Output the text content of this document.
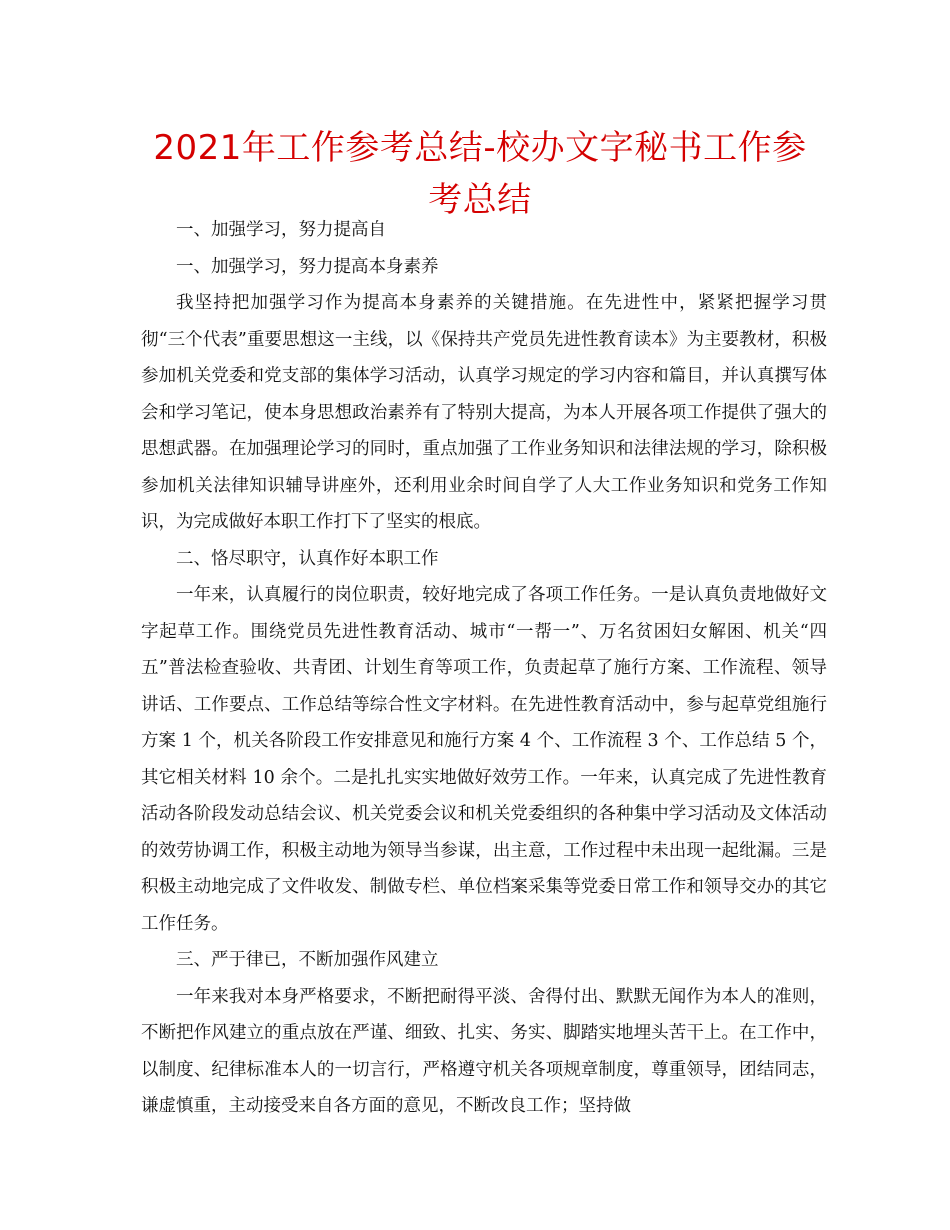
2021年工作参考总结-校办文字秘书工作参考总结

一、加强学习，努力提高自

一、加强学习，努力提高本身素养

我坚持把加强学习作为提高本身素养的关键措施。在先进性中，紧紧把握学习贯彻“三个代表”重要思想这一主线，以《保持共产党员先进性教育读本》为主要教材，积极参加机关党委和党支部的集体学习活动，认真学习规定的学习内容和篇目，并认真撰写体会和学习笔记，使本身思想政治素养有了特别大提高，为本人开展各项工作提供了强大的思想武器。在加强理论学习的同时，重点加强了工作业务知识和法律法规的学习，除积极参加机关法律知识辅导讲座外，还利用业余时间自学了人大工作业务知识和党务工作知识，为完成做好本职工作打下了坚实的根底。

二、恪尽职守，认真作好本职工作

一年来，认真履行的岗位职责，较好地完成了各项工作任务。一是认真负责地做好文字起草工作。围绕党员先进性教育活动、城市“一帮一”、万名贫困妇女解困、机关“四五”普法检查验收、共青团、计划生育等项工作，负责起草了施行方案、工作流程、领导讲话、工作要点、工作总结等综合性文字材料。在先进性教育活动中，参与起草党组施行方案 1 个，机关各阶段工作安排意见和施行方案 4 个、工作流程 3 个、工作总结 5 个，其它相关材料 10 余个。二是扎扎实实地做好效劳工作。一年来，认真完成了先进性教育活动各阶段发动总结会议、机关党委会议和机关党委组织的各种集中学习活动及文体活动的效劳协调工作，积极主动地为领导当参谋，出主意，工作过程中未出现一起纰漏。三是积极主动地完成了文件收发、制做专栏、单位档案采集等党委日常工作和领导交办的其它工作任务。

三、严于律已，不断加强作风建立

一年来我对本身严格要求，不断把耐得平淡、舍得付出、默默无闻作为本人的准则，不断把作风建立的重点放在严谨、细致、扎实、务实、脚踏实地埋头苦干上。在工作中，以制度、纪律标准本人的一切言行，严格遵守机关各项规章制度，尊重领导，团结同志，谦虚慎重，主动接受来自各方面的意见，不断改良工作；坚持做
